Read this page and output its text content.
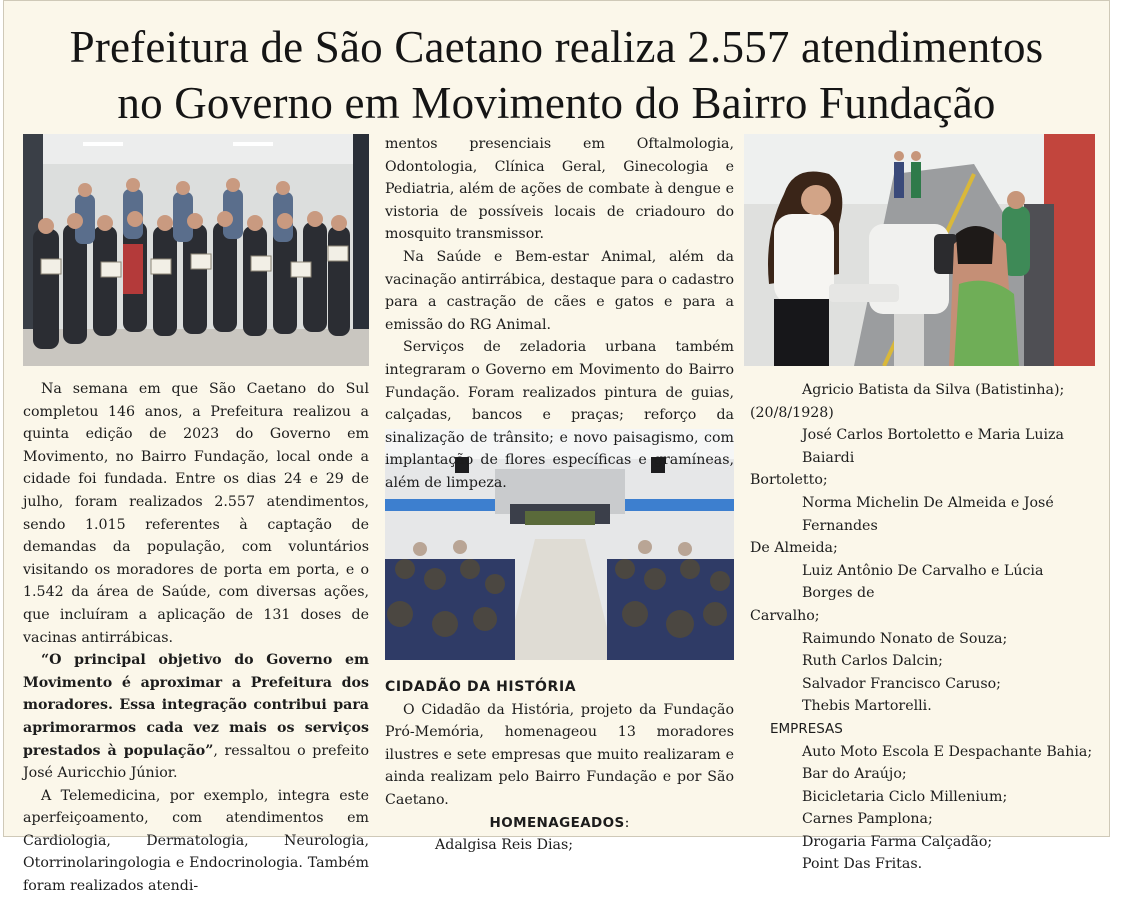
Prefeitura de São Caetano realiza 2.557 atendimentos
no Governo em Movimento do Bairro Fundação

Na semana em que São Caetano do Sul completou 146 anos, a Prefeitura realizou a quinta edição de 2023 do Governo em Movimento, no Bairro Fundação, local onde a cidade foi fundada. Entre os dias 24 e 29 de julho, foram realizados 2.557 atendimentos, sendo 1.015 referentes à captação de demandas da população, com voluntários visitando os moradores de porta em porta, e o 1.542 da área de Saúde, com diversas ações, que incluíram a aplicação de 131 doses de vacinas antirrábicas.

“O principal objetivo do Governo em Movimento é aproximar a Prefeitura dos moradores. Essa integração contribui para aprimorarmos cada vez mais os serviços prestados à população”, ressaltou o prefeito José Auricchio Júnior.

A Telemedicina, por exemplo, integra este aperfeiçoamento, com atendimentos em Cardiologia, Dermatologia, Neurologia, Otorrinolaringologia e Endocrinologia. Também foram realizados atendi-

mentos presenciais em Oftalmologia, Odontologia, Clínica Geral, Ginecologia e Pediatria, além de ações de combate à dengue e vistoria de possíveis locais de criadouro do mosquito transmissor.

Na Saúde e Bem-estar Animal, além da vacinação antirrábica, destaque para o cadastro para a castração de cães e gatos e para a emissão do RG Animal.

Serviços de zeladoria urbana também integraram o Governo em Movimento do Bairro Fundação. Foram realizados pintura de guias, calçadas, bancos e praças; reforço da sinalização de trânsito; e novo paisagismo, com implantação de flores específicas e gramíneas, além de limpeza.

CIDADÃO DA HISTÓRIA

O Cidadão da História, projeto da Fundação Pró-Memória, homenageou 13 moradores ilustres e sete empresas que muito realizaram e ainda realizam pelo Bairro Fundação e por São Caetano.

HOMENAGEADOS:

Adalgisa Reis Dias;

Agricio Batista da Silva (Batistinha);
(20/8/1928)
José Carlos Bortoletto e Maria Luiza Baiardi
Bortoletto;
Norma Michelin De Almeida e José Fernandes
De Almeida;
Luiz Antônio De Carvalho e Lúcia Borges de
Carvalho;
Raimundo Nonato de Souza;
Ruth Carlos Dalcin;
Salvador Francisco Caruso;
Thebis Martorelli.
EMPRESAS
Auto Moto Escola E Despachante Bahia;
Bar do Araújo;
Bicicletaria Ciclo Millenium;
Carnes Pamplona;
Drogaria Farma Calçadão;
Point Das Fritas.
